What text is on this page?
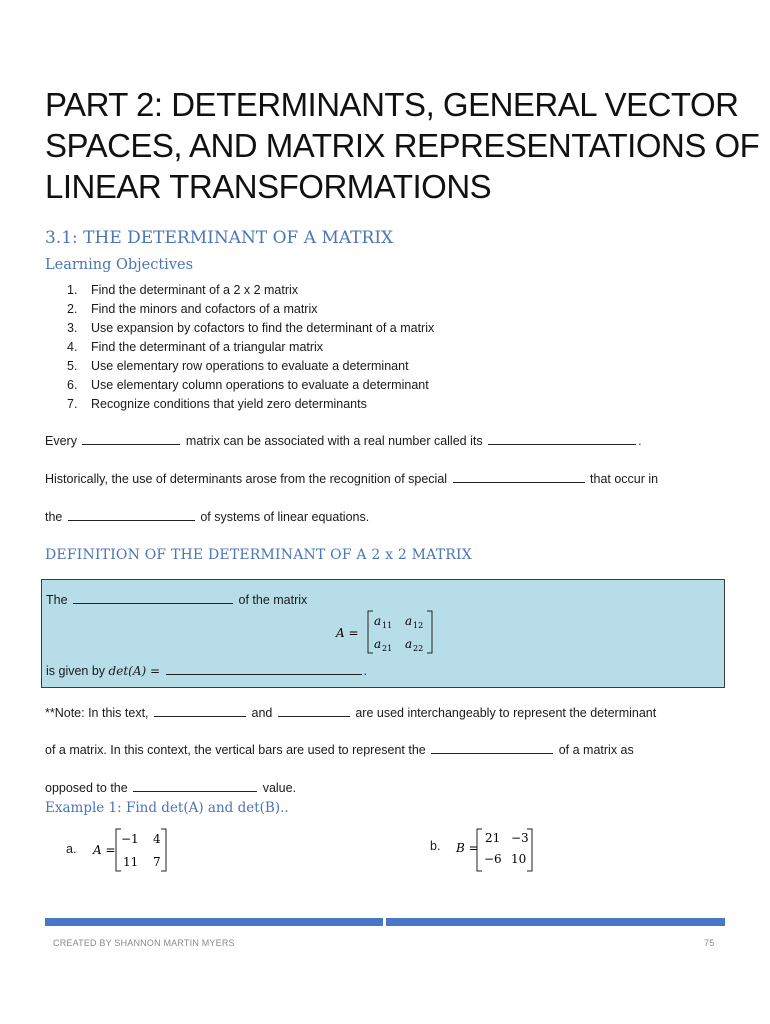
PART 2: DETERMINANTS, GENERAL VECTOR
SPACES, AND MATRIX REPRESENTATIONS OF
LINEAR TRANSFORMATIONS
3.1: THE DETERMINANT OF A MATRIX
Learning Objectives
1. Find the determinant of a 2 x 2 matrix
2. Find the minors and cofactors of a matrix
3. Use expansion by cofactors to find the determinant of a matrix
4. Find the determinant of a triangular matrix
5. Use elementary row operations to evaluate a determinant
6. Use elementary column operations to evaluate a determinant
7. Recognize conditions that yield zero determinants
Every	matrix can be associated with a real number called its	.
Historically, the use of determinants arose from the recognition of special	that occur in
the	of systems of linear equations.
DEFINITION OF THE DETERMINANT OF A 2 x 2 MATRIX
The	of the matrix
A =
a 11 a 12
a 21 a 22
is given by det(A) =	.
**Note: In this text,	and	are used interchangeably to represent the determinant
of a matrix. In this context, the vertical bars are used to represent the	of a matrix as
opposed to the	value.
Example 1: Find det(A) and det(B)..
a. A =
−1 4
11 7
b. B =
21 −3
−6 10
CREATED BY SHANNON MARTIN MYERS	75
